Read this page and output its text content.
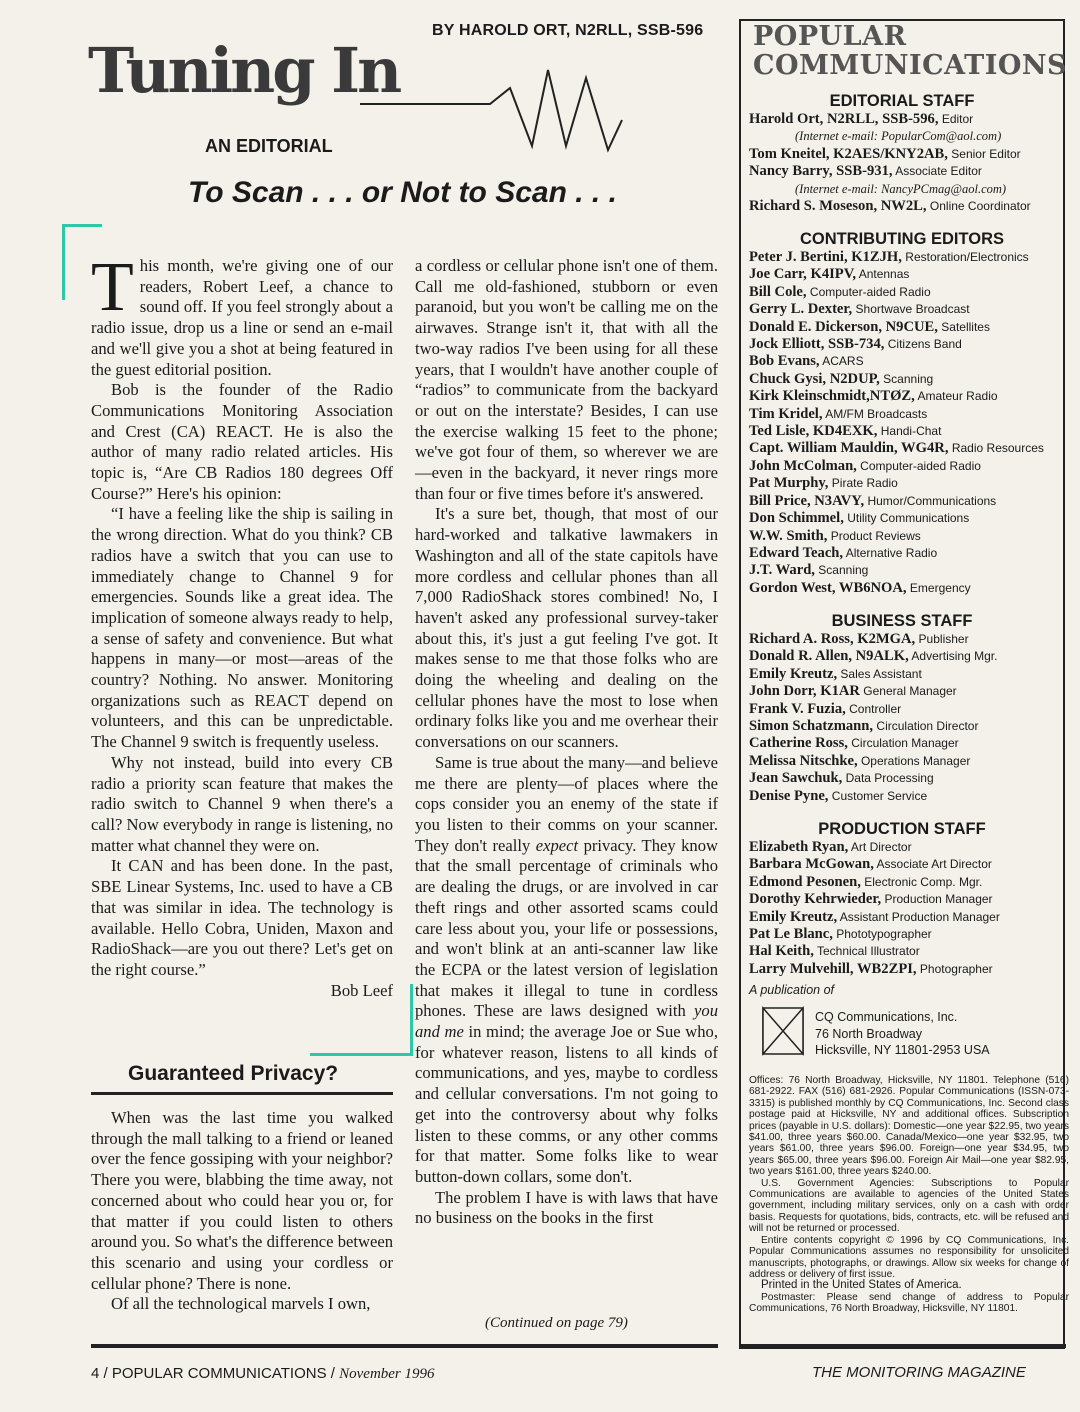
BY HAROLD ORT, N2RLL, SSB-596
Tuning In
AN EDITORIAL
To Scan . . . or Not to Scan . . .

This month, we're giving one of our readers, Robert Leef, a chance to sound off. If you feel strongly about a radio issue, drop us a line or send an e-mail and we'll give you a shot at being featured in the guest editorial position.

Bob is the founder of the Radio Communications Monitoring Association and Crest (CA) REACT. He is also the author of many radio related articles. His topic is, “Are CB Radios 180 degrees Off Course?” Here's his opinion:

“I have a feeling like the ship is sailing in the wrong direction. What do you think? CB radios have a switch that you can use to immediately change to Channel 9 for emergencies. Sounds like a great idea. The implication of someone always ready to help, a sense of safety and convenience. But what happens in many—or most—areas of the country? Nothing. No answer. Monitoring organizations such as REACT depend on volunteers, and this can be unpredictable. The Channel 9 switch is frequently useless.

Why not instead, build into every CB radio a priority scan feature that makes the radio switch to Channel 9 when there's a call? Now everybody in range is listening, no matter what channel they were on.

It CAN and has been done. In the past, SBE Linear Systems, Inc. used to have a CB that was similar in idea. The technology is available. Hello Cobra, Uniden, Maxon and RadioShack—are you out there? Let's get on the right course.”

Bob Leef

Guaranteed Privacy?

When was the last time you walked through the mall talking to a friend or leaned over the fence gossiping with your neighbor? There you were, blabbing the time away, not concerned about who could hear you or, for that matter if you could listen to others around you. So what's the difference between this scenario and using your cordless or cellular phone? There is none.

Of all the technological marvels I own,

a cordless or cellular phone isn't one of them. Call me old-fashioned, stubborn or even paranoid, but you won't be calling me on the airwaves. Strange isn't it, that with all the two-way radios I've been using for all these years, that I wouldn't have another couple of “radios” to communicate from the backyard or out on the interstate? Besides, I can use the exercise walking 15 feet to the phone; we've got four of them, so wherever we are—even in the backyard, it never rings more than four or five times before it's answered.

It's a sure bet, though, that most of our hard-worked and talkative lawmakers in Washington and all of the state capitols have more cordless and cellular phones than all 7,000 RadioShack stores combined! No, I haven't asked any professional survey-taker about this, it's just a gut feeling I've got. It makes sense to me that those folks who are doing the wheeling and dealing on the cellular phones have the most to lose when ordinary folks like you and me overhear their conversations on our scanners.

Same is true about the many—and believe me there are plenty—of places where the cops consider you an enemy of the state if you listen to their comms on your scanner. They don't really expect privacy. They know that the small percentage of criminals who are dealing the drugs, or are involved in car theft rings and other assorted scams could care less about you, your life or possessions, and won't blink at an anti-scanner law like the ECPA or the latest version of legislation that makes it illegal to tune in cordless phones. These are laws designed with you and me in mind; the average Joe or Sue who, for whatever reason, listens to all kinds of communications, and yes, maybe to cordless and cellular conversations. I'm not going to get into the controversy about why folks listen to these comms, or any other comms for that matter. Some folks like to wear button-down collars, some don't.

The problem I have is with laws that have no business on the books in the first

(Continued on page 79)
POPULAR
COMMUNICATIONS
EDITORIAL STAFF
Harold Ort, N2RLL, SSB-596, Editor
(Internet e-mail: PopularCom@aol.com)
Tom Kneitel, K2AES/KNY2AB, Senior Editor
Nancy Barry, SSB-931, Associate Editor
(Internet e-mail: NancyPCmag@aol.com)
Richard S. Moseson, NW2L, Online Coordinator
CONTRIBUTING EDITORS
Peter J. Bertini, K1ZJH, Restoration/Electronics
Joe Carr, K4IPV, Antennas
Bill Cole, Computer-aided Radio
Gerry L. Dexter, Shortwave Broadcast
Donald E. Dickerson, N9CUE, Satellites
Jock Elliott, SSB-734, Citizens Band
Bob Evans, ACARS
Chuck Gysi, N2DUP, Scanning
Kirk Kleinschmidt,NTØZ, Amateur Radio
Tim Kridel, AM/FM Broadcasts
Ted Lisle, KD4EXK, Handi-Chat
Capt. William Mauldin, WG4R, Radio Resources
John McColman, Computer-aided Radio
Pat Murphy, Pirate Radio
Bill Price, N3AVY, Humor/Communications
Don Schimmel, Utility Communications
W.W. Smith, Product Reviews
Edward Teach, Alternative Radio
J.T. Ward, Scanning
Gordon West, WB6NOA, Emergency
BUSINESS STAFF
Richard A. Ross, K2MGA, Publisher
Donald R. Allen, N9ALK, Advertising Mgr.
Emily Kreutz, Sales Assistant
John Dorr, K1AR General Manager
Frank V. Fuzia, Controller
Simon Schatzmann, Circulation Director
Catherine Ross, Circulation Manager
Melissa Nitschke, Operations Manager
Jean Sawchuk, Data Processing
Denise Pyne, Customer Service
PRODUCTION STAFF
Elizabeth Ryan, Art Director
Barbara McGowan, Associate Art Director
Edmond Pesonen, Electronic Comp. Mgr.
Dorothy Kehrwieder, Production Manager
Emily Kreutz, Assistant Production Manager
Pat Le Blanc, Phototypographer
Hal Keith, Technical Illustrator
Larry Mulvehill, WB2ZPI, Photographer
A publication of
CQ Communications, Inc.
76 North Broadway
Hicksville, NY 11801-2953 USA

Offices: 76 North Broadway, Hicksville, NY 11801. Telephone (516) 681-2922. FAX (516) 681-2926. Popular Communications (ISSN-073-3315) is published monthly by CQ Communications, Inc. Second class postage paid at Hicksville, NY and additional offices. Subscription prices (payable in U.S. dollars): Domestic—one year $22.95, two years $41.00, three years $60.00. Canada/Mexico—one year $32.95, two years $61.00, three years $96.00. Foreign—one year $34.95, two years $65.00, three years $96.00. Foreign Air Mail—one year $82.95, two years $161.00, three years $240.00.

U.S. Government Agencies: Subscriptions to Popular Communications are available to agencies of the United States government, including military services, only on a cash with order basis. Requests for quotations, bids, contracts, etc. will be refused and will not be returned or processed.

Entire contents copyright © 1996 by CQ Communications, Inc. Popular Communications assumes no responsibility for unsolicited manuscripts, photographs, or drawings. Allow six weeks for change of address or delivery of first issue.

Printed in the United States of America.

Postmaster: Please send change of address to Popular Communications, 76 North Broadway, Hicksville, NY 11801.

4 / POPULAR COMMUNICATIONS / November 1996	THE MONITORING MAGAZINE
